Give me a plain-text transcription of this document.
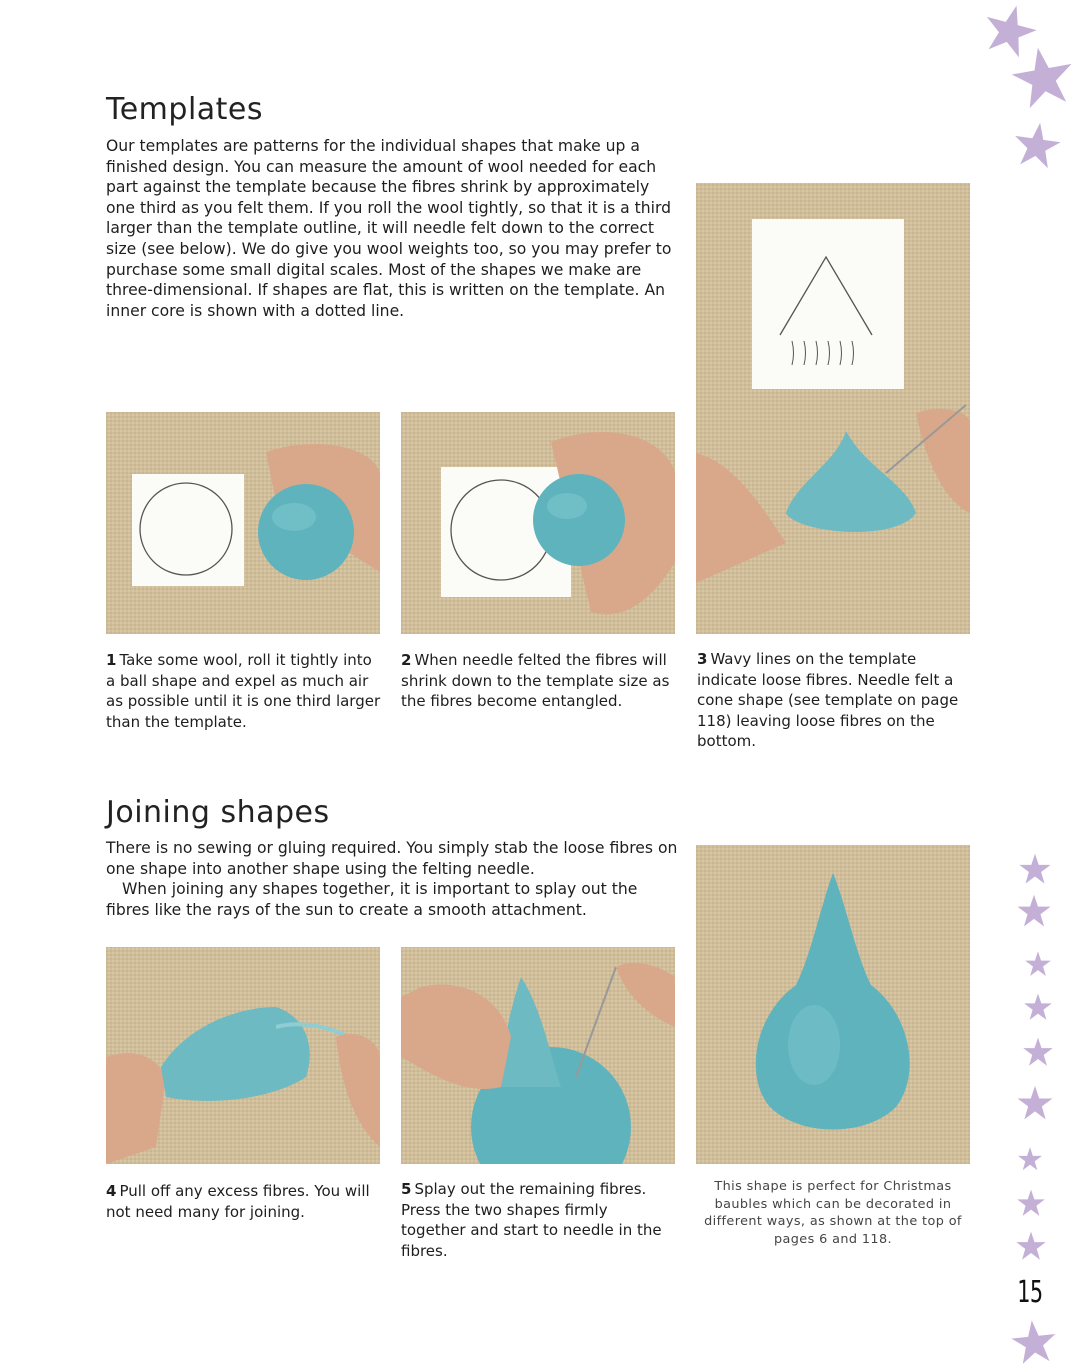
Templates
Our templates are patterns for the individual shapes that make up a finished design. You can measure the amount of wool needed for each part against the template because the fibres shrink by approximately one third as you felt them. If you roll the wool tightly, so that it is a third larger than the template outline, it will needle felt down to the correct size (see below). We do give you wool weights too, so you may prefer to purchase some small digital scales. Most of the shapes we make are three-dimensional. If shapes are flat, this is written on the template. An inner core is shown with a dotted line.
1 Take some wool, roll it tightly into a ball shape and expel as much air as possible until it is one third larger than the template.
2 When needle felted the fibres will shrink down to the template size as the fibres become entangled.
3 Wavy lines on the template indicate loose fibres. Needle felt a cone shape (see template on page 118) leaving loose fibres on the bottom.
Joining shapes

There is no sewing or gluing required. You simply stab the loose fibres on one shape into another shape using the felting needle.

When joining any shapes together, it is important to splay out the fibres like the rays of the sun to create a smooth attachment.

4 Pull off any excess fibres. You will not need many for joining.
5 Splay out the remaining fibres. Press the two shapes firmly together and start to needle in the fibres.
This shape is perfect for Christmas baubles which can be decorated in different ways, as shown at the top of pages 6 and 118.
15
